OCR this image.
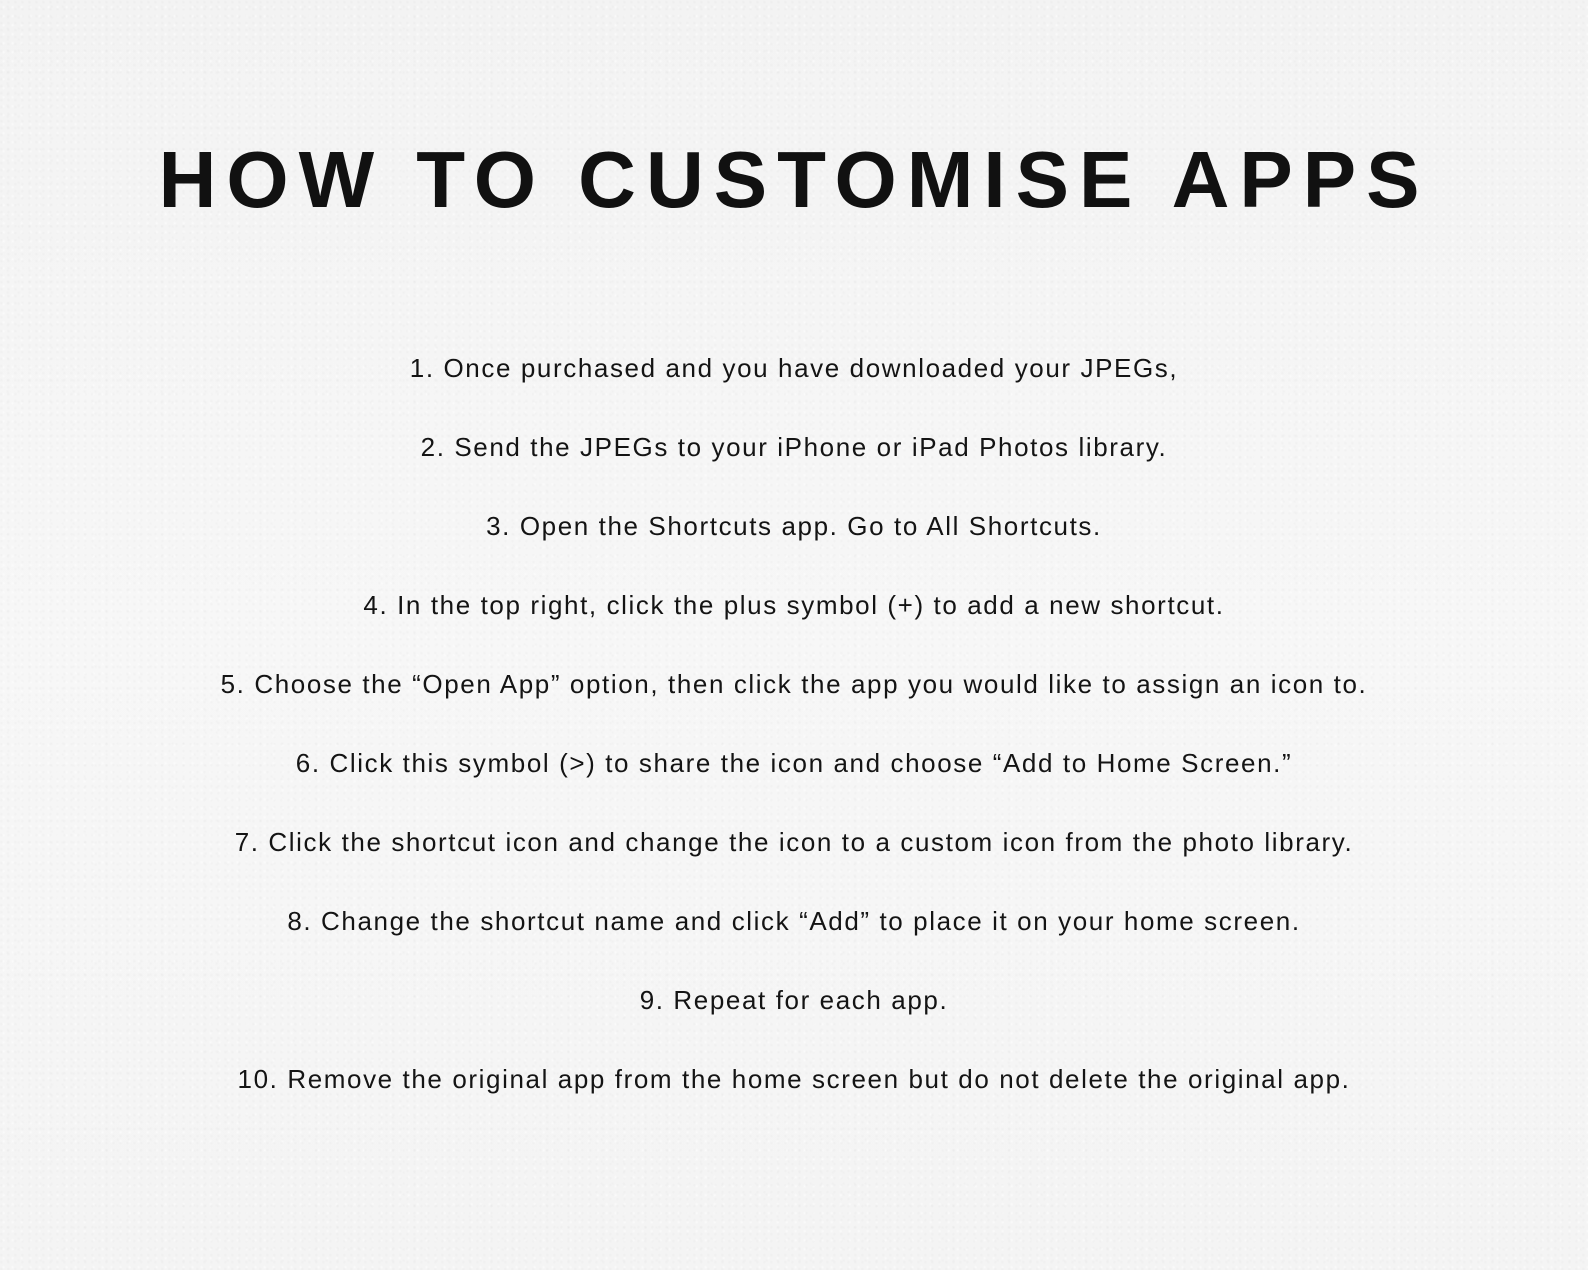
HOW TO CUSTOMISE APPS
1. Once purchased and you have downloaded your JPEGs,
2. Send the JPEGs to your iPhone or iPad Photos library.
3. Open the Shortcuts app. Go to All Shortcuts.
4. In the top right, click the plus symbol (+) to add a new shortcut.
5. Choose the “Open App” option, then click the app you would like to assign an icon to.
6. Click this symbol (>) to share the icon and choose “Add to Home Screen.”
7. Click the shortcut icon and change the icon to a custom icon from the photo library.
8. Change the shortcut name and click “Add” to place it on your home screen.
9. Repeat for each app.
10. Remove the original app from the home screen but do not delete the original app.
